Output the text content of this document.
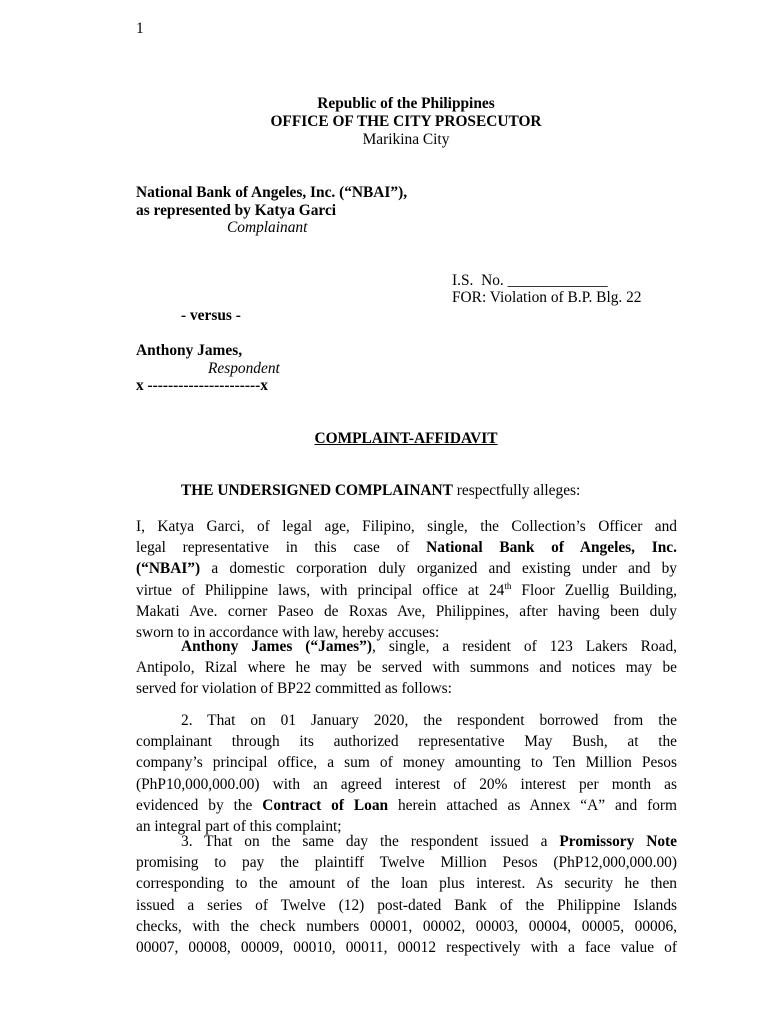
1
Republic of the Philippines
OFFICE OF THE CITY PROSECUTOR
Marikina City
National Bank of Angeles, Inc. (“NBAI”),
as represented by Katya Garci
Complainant
I.S.  No. _____________
FOR: Violation of B.P. Blg. 22
- versus -
Anthony James,
Respondent
x ----------------------x
COMPLAINT-AFFIDAVIT
THE UNDERSIGNED COMPLAINANT respectfully alleges:
I, Katya Garci, of legal age, Filipino, single, the Collection’s Officer and
legal representative in this case of National Bank of Angeles, Inc.
(“NBAI”) a domestic corporation duly organized and existing under and by
virtue of Philippine laws, with principal office at 24th Floor Zuellig Building,
Makati Ave. corner Paseo de Roxas Ave, Philippines, after having been duly
sworn to in accordance with law, hereby accuses:
Anthony James (“James”), single, a resident of 123 Lakers Road,
Antipolo, Rizal where he may be served with summons and notices may be
served for violation of BP22 committed as follows:
2. That on 01 January 2020, the respondent borrowed from the
complainant through its authorized representative May Bush, at the
company’s principal office, a sum of money amounting to Ten Million Pesos
(PhP10,000,000.00) with an agreed interest of 20% interest per month as
evidenced by the Contract of Loan herein attached as Annex “A” and form
an integral part of this complaint;
3. That on the same day the respondent issued a Promissory Note
promising to pay the plaintiff Twelve Million Pesos (PhP12,000,000.00)
corresponding to the amount of the loan plus interest. As security he then
issued a series of Twelve (12) post-dated Bank of the Philippine Islands
checks, with the check numbers 00001, 00002, 00003, 00004, 00005, 00006,
00007, 00008, 00009, 00010, 00011, 00012 respectively with a face value of
